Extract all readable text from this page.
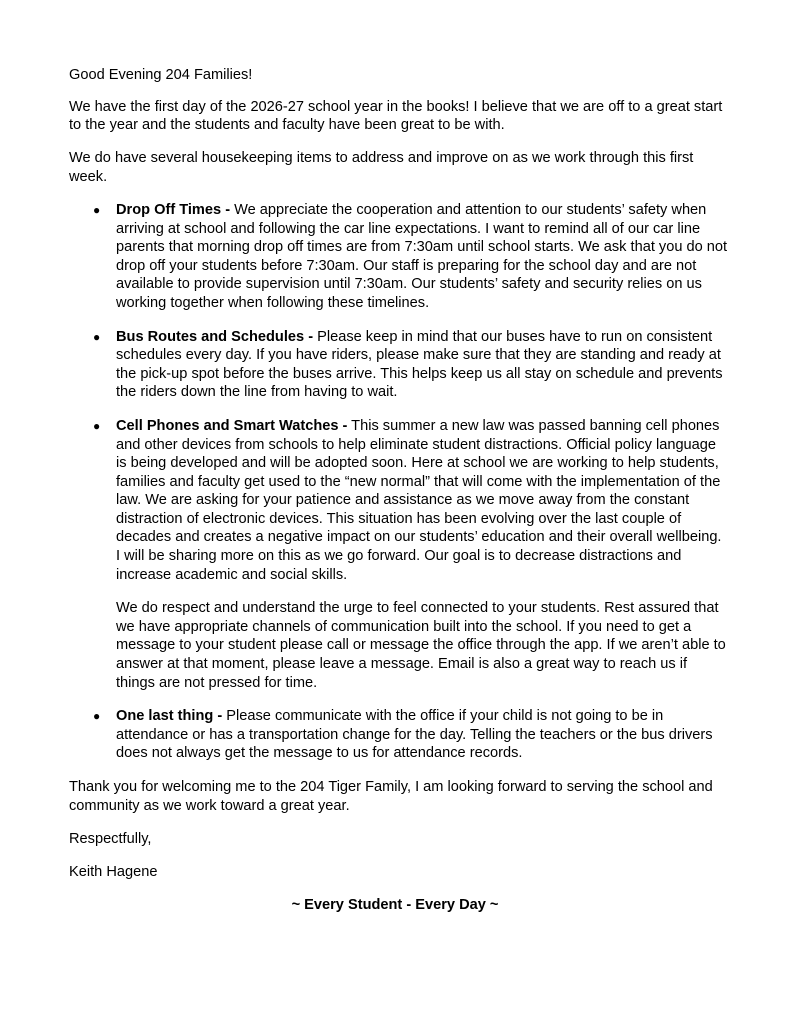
Good Evening 204 Families!

We have the first day of the 2026-27 school year in the books! I believe that we are off to a great start to the year and the students and faculty have been great to be with.

We do have several housekeeping items to address and improve on as we work through this first week.

● Drop Off Times - We appreciate the cooperation and attention to our students’ safety when arriving at school and following the car line expectations. I want to remind all of our car line parents that morning drop off times are from 7:30am until school starts. We ask that you do not drop off your students before 7:30am. Our staff is preparing for the school day and are not available to provide supervision until 7:30am. Our students’ safety and security relies on us working together when following these timelines.

● Bus Routes and Schedules - Please keep in mind that our buses have to run on consistent schedules every day. If you have riders, please make sure that they are standing and ready at the pick-up spot before the buses arrive. This helps keep us all stay on schedule and prevents the riders down the line from having to wait.

● Cell Phones and Smart Watches - This summer a new law was passed banning cell phones and other devices from schools to help eliminate student distractions. Official policy language is being developed and will be adopted soon. Here at school we are working to help students, families and faculty get used to the “new normal” that will come with the implementation of the law. We are asking for your patience and assistance as we move away from the constant distraction of electronic devices. This situation has been evolving over the last couple of decades and creates a negative impact on our students’ education and their overall wellbeing. I will be sharing more on this as we go forward. Our goal is to decrease distractions and increase academic and social skills.

We do respect and understand the urge to feel connected to your students. Rest assured that we have appropriate channels of communication built into the school. If you need to get a message to your student please call or message the office through the app. If we aren’t able to answer at that moment, please leave a message. Email is also a great way to reach us if things are not pressed for time.

● One last thing - Please communicate with the office if your child is not going to be in attendance or has a transportation change for the day. Telling the teachers or the bus drivers does not always get the message to us for attendance records.

Thank you for welcoming me to the 204 Tiger Family, I am looking forward to serving the school and community as we work toward a great year.

Respectfully,

Keith Hagene

~ Every Student - Every Day ~
